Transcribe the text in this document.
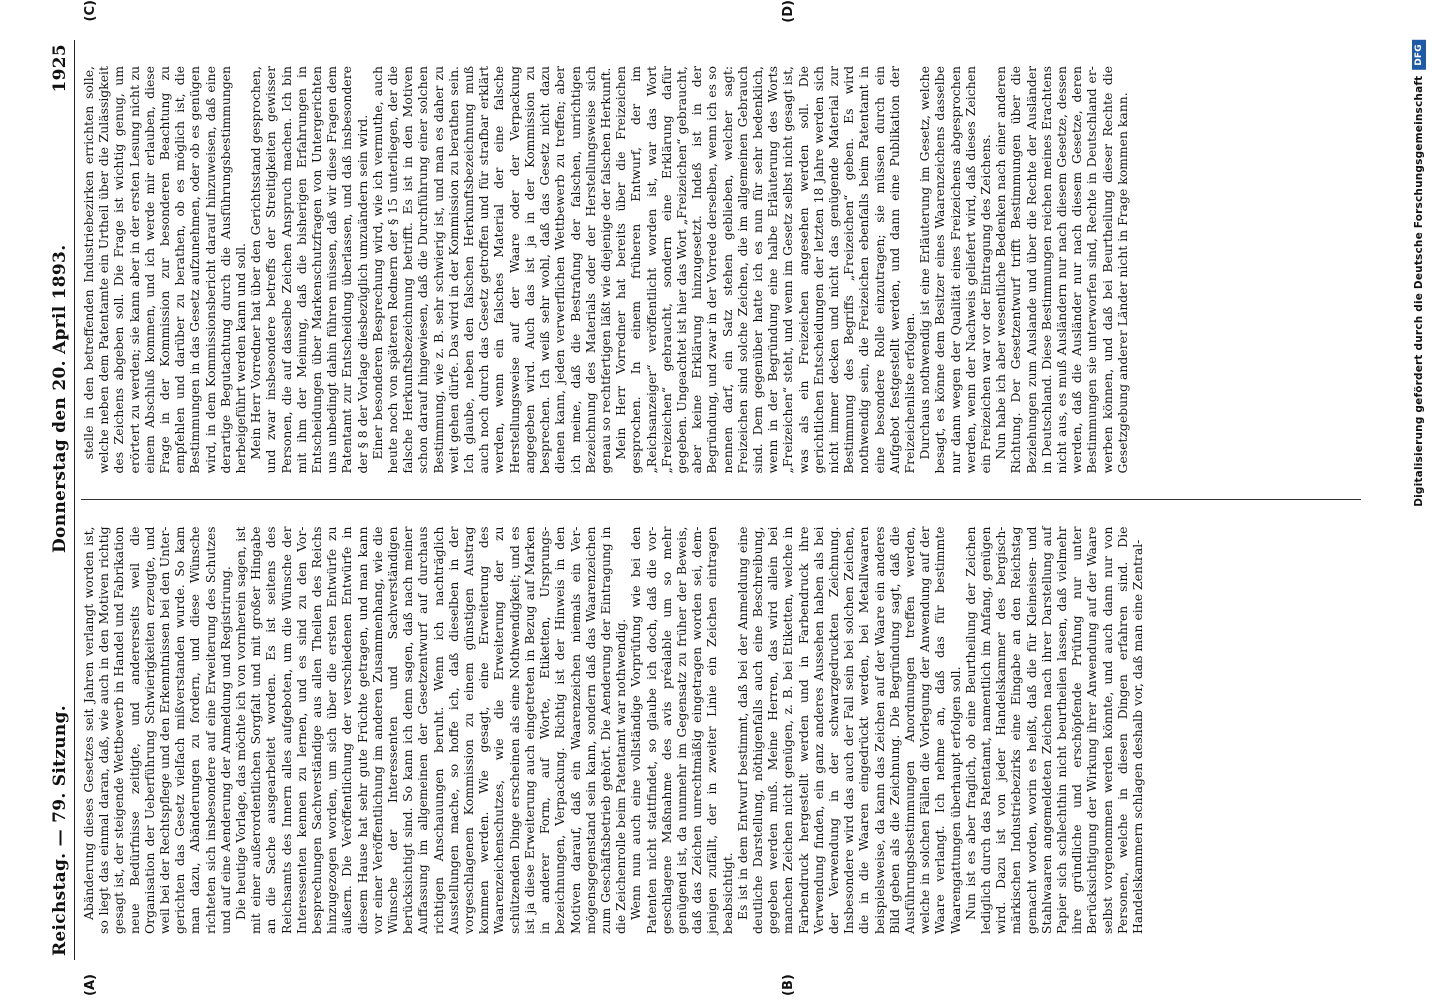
Reichstag. — 79. Sitzung.
Donnerstag den 20. April 1893.
1925
(A)	(B)

Abänderung dieses Gesetzes seit Jahren verlangt worden ist, so liegt das einmal daran, daß, wie auch in den Motiven richtig gesagt ist, der steigende Wettbewerb in Handel und Fabrikation neue Bedürfnisse zeitigte, und andererseits weil die Organisation der Ueberführung Schwierigkeiten erzeugte, und weil bei der Rechtspflege und den Erkenntnissen bei den Untergerichten das Gesetz vielfach mißverstanden wurde. So kam man dazu, Abänderungen zu fordern, und diese Wünsche richteten sich insbesondere auf eine Erweiterung des Schutzes und auf eine Aenderung der Anmeldung und Registrirung. Die heutige Vorlage, das möchte ich von vornherein sagen, ist mit einer außerordentlichen Sorgfalt und mit großer Hingabe an die Sache ausgearbeitet worden. Es ist seitens des Reichsamts des Innern alles aufgeboten, um die Wünsche der Interessenten kennen zu lernen, und es sind zu den Vorbesprechungen Sachverständige aus allen Theilen des Reichs hinzugezogen worden, um sich über die ersten Entwürfe zu äußern. Die Veröffentlichung der verschiedenen Entwürfe in diesem Hause hat sehr gute Früchte getragen, und man kann vor einer Veröffentlichung im anderen Zusammenhang, wie die Wünsche der Interessenten und Sachverständigen berücksichtigt sind. So kann ich denn sagen, daß nach meiner Auffassung im allgemeinen der Gesetzentwurf auf durchaus richtigen Anschauungen beruht. Wenn ich nachträglich Ausstellungen mache, so hoffe ich, daß dieselben in der vorgeschlagenen Kommission zu einem günstigen Austrag kommen werden. Wie gesagt, eine Erweiterung des Waarenzeichenschutzes, wie die Erweiterung der zu schützenden Dinge erscheinen als eine Nothwendigkeit; und es ist ja diese Erweiterung auch eingetreten in Bezug auf Marken in anderer Form, auf Worte, Etiketten, Ursprungsbezeichnungen, Verpackung. Richtig ist der Hinweis in den Motiven darauf, daß ein Waarenzeichen niemals ein Vermögensgegenstand sein kann, sondern daß das Waarenzeichen zum Geschäftsbetrieb gehört. Die Aenderung der Eintragung in die Zeichenrolle beim Patentamt war nothwendig. Wenn nun auch eine vollständige Vorprüfung wie bei den Patenten nicht stattfindet, so glaube ich doch, daß die vorgeschlagene Maßnahme des avis préalable um so mehr genügend ist, da nunmehr im Gegensatz zu früher der Beweis, daß das Zeichen unrechtmäßig eingetragen worden sei, demjenigen zufällt, der in zweiter Linie ein Zeichen eintragen beabsichtigt. Es ist in dem Entwurf bestimmt, daß bei der Anmeldung eine deutliche Darstellung, nöthigenfalls auch eine Beschreibung, gegeben werden muß. Meine Herren, das wird allein bei manchen Zeichen nicht genügen, z. B. bei Etiketten, welche in Farbendruck hergestellt werden und in Farbendruck ihre Verwendung finden, ein ganz anderes Aussehen haben als bei der Verwendung in der schwarzgedruckten Zeichnung. Insbesondere wird das auch der Fall sein bei solchen Zeichen, die in die Waaren eingedrückt werden, bei Metallwaaren beispielsweise, da kann das Zeichen auf der Waare ein anderes Bild geben als die Zeichnung. Die Begründung sagt, daß die Ausführungsbestimmungen Anordnungen treffen werden, welche in solchen Fällen die Vorlegung der Anwendung auf der Waare verlangt. Ich nehme an, daß das für bestimmte Waarengattungen überhaupt erfolgen soll. Nun ist es aber fraglich, ob eine Beurtheilung der Zeichen lediglich durch das Patentamt, namentlich im Anfang, genügen wird. Dazu ist von jeder Handelskammer des bergisch-märkischen Industriebezirks eine Eingabe an den Reichstag gemacht worden, worin es heißt, daß die für Kleineisen- und Stahlwaaren angemeldeten Zeichen nach ihrer Darstellung auf Papier sich schlechthin nicht beurtheilen lassen, daß vielmehr ihre gründliche und erschöpfende Prüfung nur unter Berücksichtigung der Wirkung ihrer Anwendung auf der Waare selbst vorgenommen werden könnte, und auch dann nur von Personen, welche in diesen Dingen erfahren sind. Die Handelskammern schlagen deshalb vor, daß man eine Zentral-

(C)	(D)

stelle in den betreffenden Industriebezirken errichten solle, welche neben dem Patentamte ein Urtheil über die Zulässigkeit des Zeichens abgeben soll. Die Frage ist wichtig genug, um erörtert zu werden; sie kann aber in der ersten Lesung nicht zu einem Abschluß kommen, und ich werde mir erlauben, diese Frage in der Kommission zur besonderen Beachtung zu empfehlen und darüber zu berathen, ob es möglich ist, die Bestimmungen in das Gesetz aufzunehmen, oder ob es genügen wird, in dem Kommissionsbericht darauf hinzuweisen, daß eine derartige Begutachtung durch die Ausführungsbestimmungen herbeigeführt werden kann und soll. Mein Herr Vorredner hat über den Gerichtsstand gesprochen, und zwar insbesondere betreffs der Streitigkeiten gewisser Personen, die auf dasselbe Zeichen Anspruch machen. Ich bin mit ihm der Meinung, daß die bisherigen Erfahrungen in Entscheidungen über Markenschutzfragen von Untergerichten uns unbedingt dahin führen müssen, daß wir diese Fragen dem Patentamt zur Entscheidung überlassen, und daß insbesondere der § 8 der Vorlage diesbezüglich umzuändern sein wird. Einer besonderen Besprechung wird, wie ich vermuthe, auch heute noch von späteren Rednern der § 15 unterliegen, der die falsche Herkunftsbezeichnung betrifft. Es ist in den Motiven schon darauf hingewiesen, daß die Durchführung einer solchen Bestimmung, wie z. B. sehr schwierig ist, und man es daher zu weit gehen dürfe. Das wird in der Kommission zu berathen sein. Ich glaube, neben den falschen Herkunftsbezeichnung muß auch noch durch das Gesetz getroffen und für strafbar erklärt werden, wenn ein falsches Material der eine falsche Herstellungsweise auf der Waare oder der Verpackung angegeben wird. Auch das ist ja in der Kommission zu besprechen. Ich weiß sehr wohl, daß das Gesetz nicht dazu dienen kann, jeden verwerflichen Wettbewerb zu treffen; aber ich meine, daß die Bestrafung der falschen, unrichtigen Bezeichnung des Materials oder der Herstellungsweise sich genau so rechtfertigen läßt wie diejenige der falschen Herkunft. Mein Herr Vorredner hat bereits über die Freizeichen gesprochen. In einem früheren Entwurf, der im „Reichsanzeiger“ veröffentlicht worden ist, war das Wort „Freizeichen“ gebraucht, sondern eine Erklärung dafür gegeben. Ungeachtet ist hier das Wort „Freizeichen“ gebraucht, aber keine Erklärung hinzugesetzt. Indeß ist in der Begründung, und zwar in der Vorrede derselben, wenn ich es so nennen darf, ein Satz stehen geblieben, welcher sagt: Freizeichen sind solche Zeichen, die im allgemeinen Gebrauch sind. Dem gegenüber hatte ich es nun für sehr bedenklich, wenn in der Begründung eine halbe Erläuterung des Worts „Freizeichen“ steht, und wenn im Gesetz selbst nicht gesagt ist, was als ein Freizeichen angesehen werden soll. Die gerichtlichen Entscheidungen der letzten 18 Jahre werden sich nicht immer decken und nicht das genügende Material zur Bestimmung des Begriffs „Freizeichen“ geben. Es wird nothwendig sein, die Freizeichen ebenfalls beim Patentamt in eine besondere Rolle einzutragen; sie müssen durch ein Aufgebot festgestellt werden, und dann eine Publikation der Freizeichenliste erfolgen. Durchaus nothwendig ist eine Erläuterung im Gesetz, welche besagt, es könne dem Besitzer eines Waarenzeichens dasselbe nur dann wegen der Qualität eines Freizeichens abgesprochen werden, wenn der Nachweis geliefert wird, daß dieses Zeichen ein Freizeichen war vor der Eintragung des Zeichens. Nun habe ich aber wesentliche Bedenken nach einer anderen Richtung. Der Gesetzentwurf trifft Bestimmungen über die Beziehungen zum Auslande und über die Rechte der Ausländer in Deutschland. Diese Bestimmungen reichen meines Erachtens nicht aus, es muß Ausländern nur nach diesem Gesetze, dessen werden, daß die Ausländer nur nach diesem Gesetze, deren Bestimmungen sie unterworfen sind, Rechte in Deutschland erwerben können, und daß bei Beurtheilung dieser Rechte die Gesetzgebung anderer Länder nicht in Frage kommen kann.	Digitalisierung gefördert durch die Deutsche Forschungsgemeinschaft
DFG
